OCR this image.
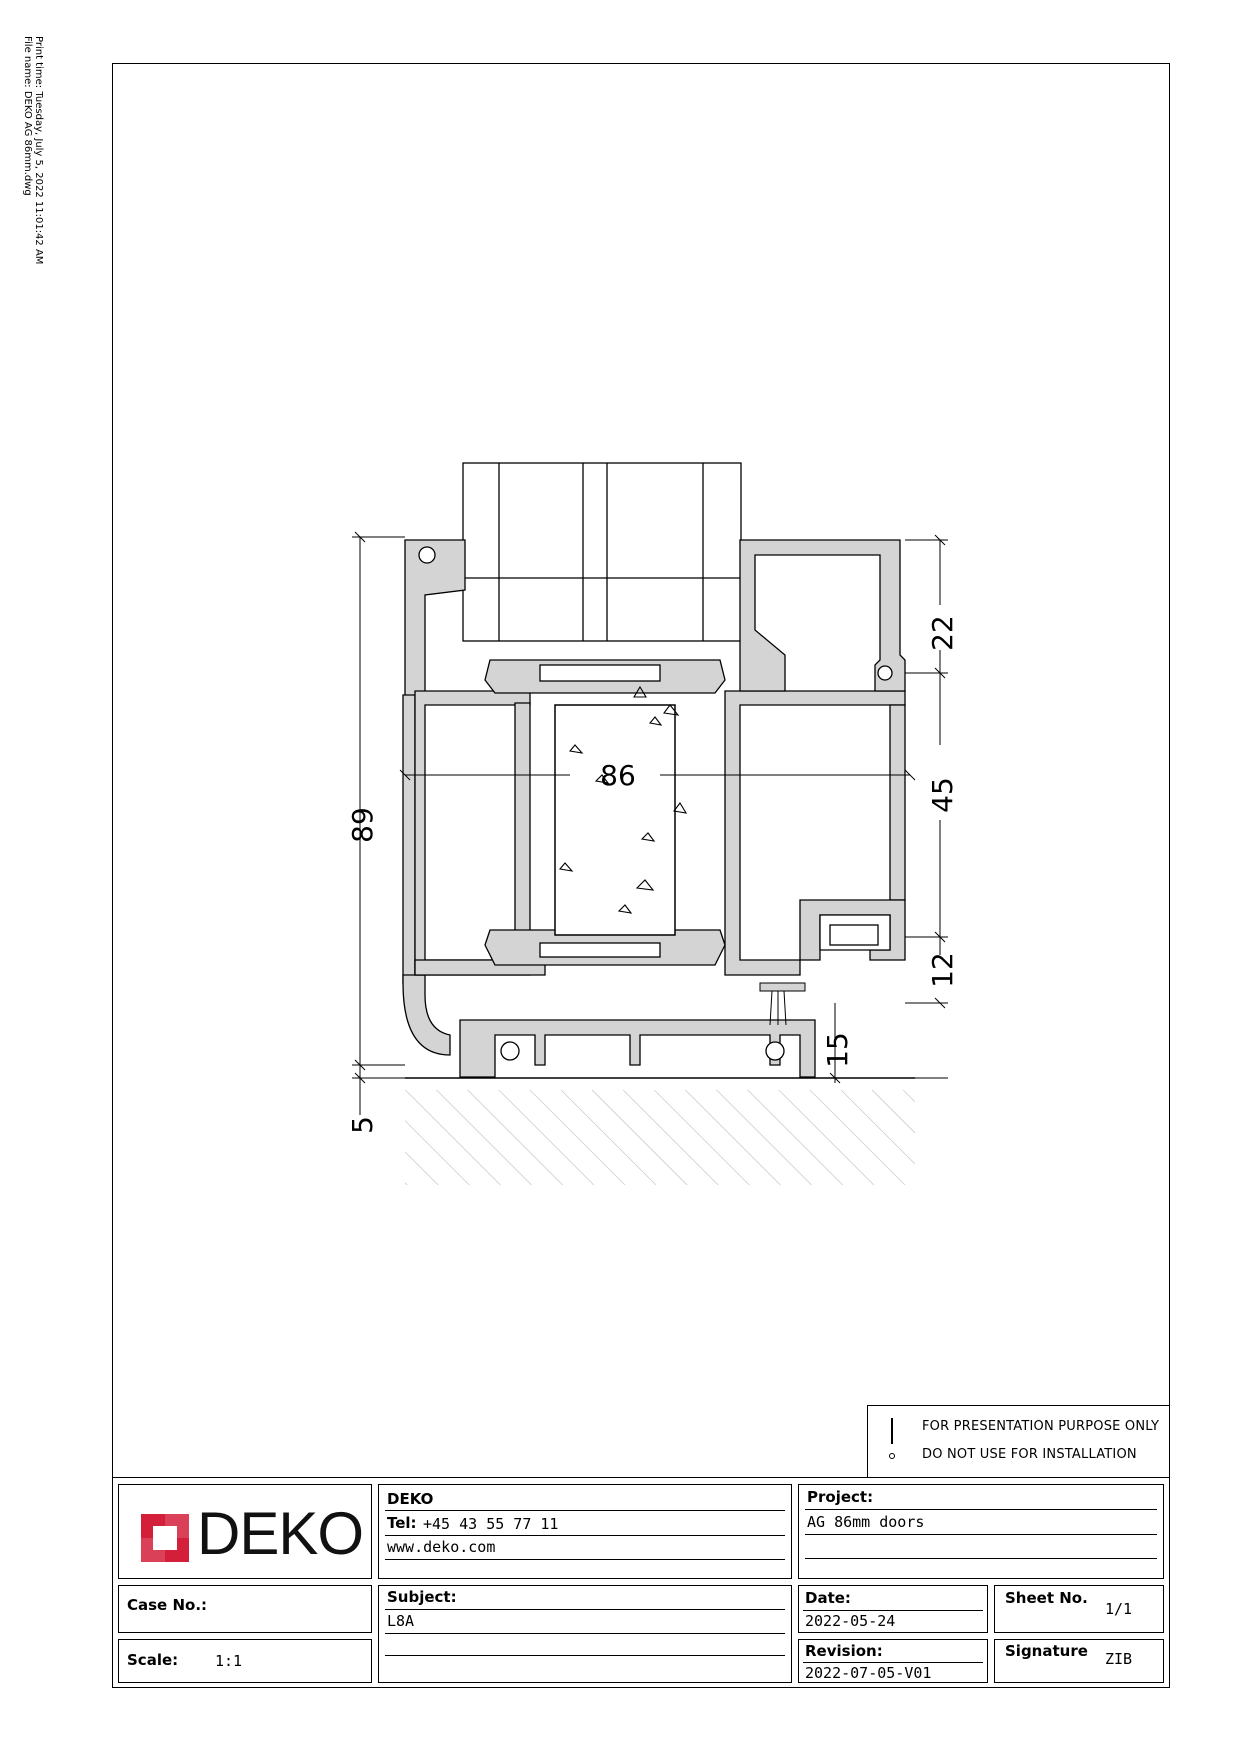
Print time: Tuesday, July 5, 2022 11:01:42 AM
File name: DEKO AG 86mm.dwg
89
5
86
22
45
12
15
FOR PRESENTATION PURPOSE ONLY
DO NOT USE FOR INSTALLATION
DEKO
DEKO
Tel: +45 43 55 77 11
www.deko.com
Project:
AG 86mm doors
Case No.:	Subject:
L8A
Date:
2022-05-24
Sheet No.
1/1
Scale: 1:1
Revision:
2022-07-05-V01
Signature ZIB
